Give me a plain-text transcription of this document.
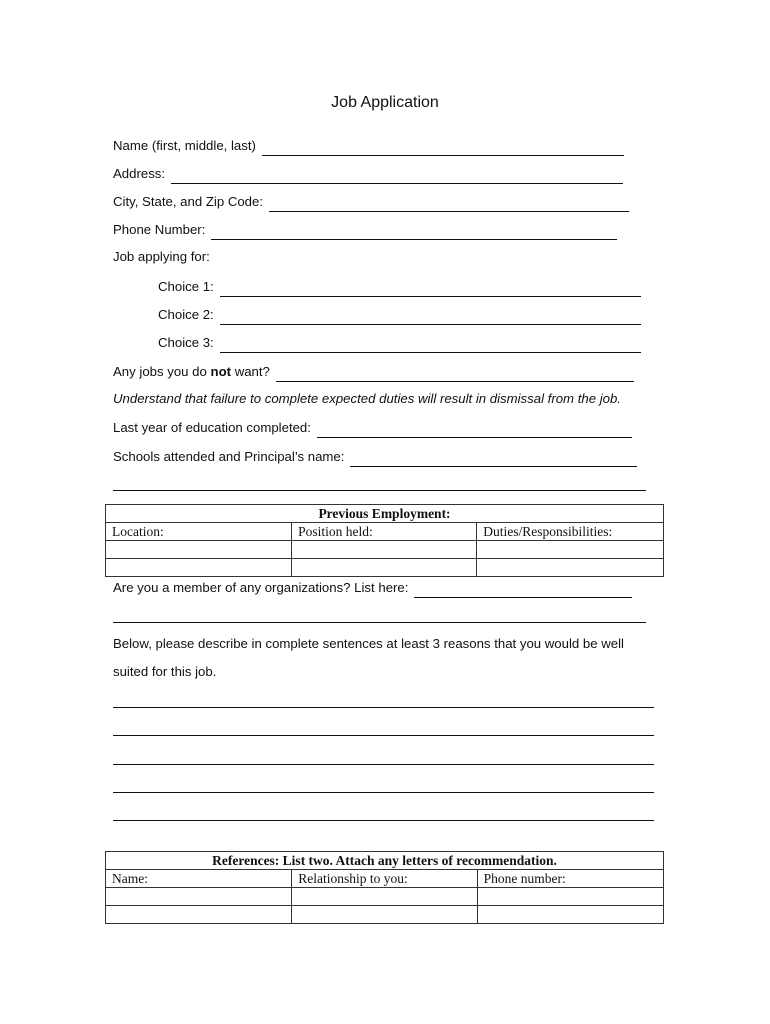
Job Application
Name (first, middle, last)
Address:
City, State, and Zip Code:
Phone Number:
Job applying for:
Choice 1:
Choice 2:
Choice 3:
Any jobs you do not want?
Understand that failure to complete expected duties will result in dismissal from the job.
Last year of education completed:
Schools attended and Principal’s name:
Previous Employment:		
Location:	Position held:	Duties/Responsibilities:

Are you a member of any organizations? List here:
Below, please describe in complete sentences at least 3 reasons that you would be well
suited for this job.
References: List two. Attach any letters of recommendation.		
Name:	Relationship to you:	Phone number:
